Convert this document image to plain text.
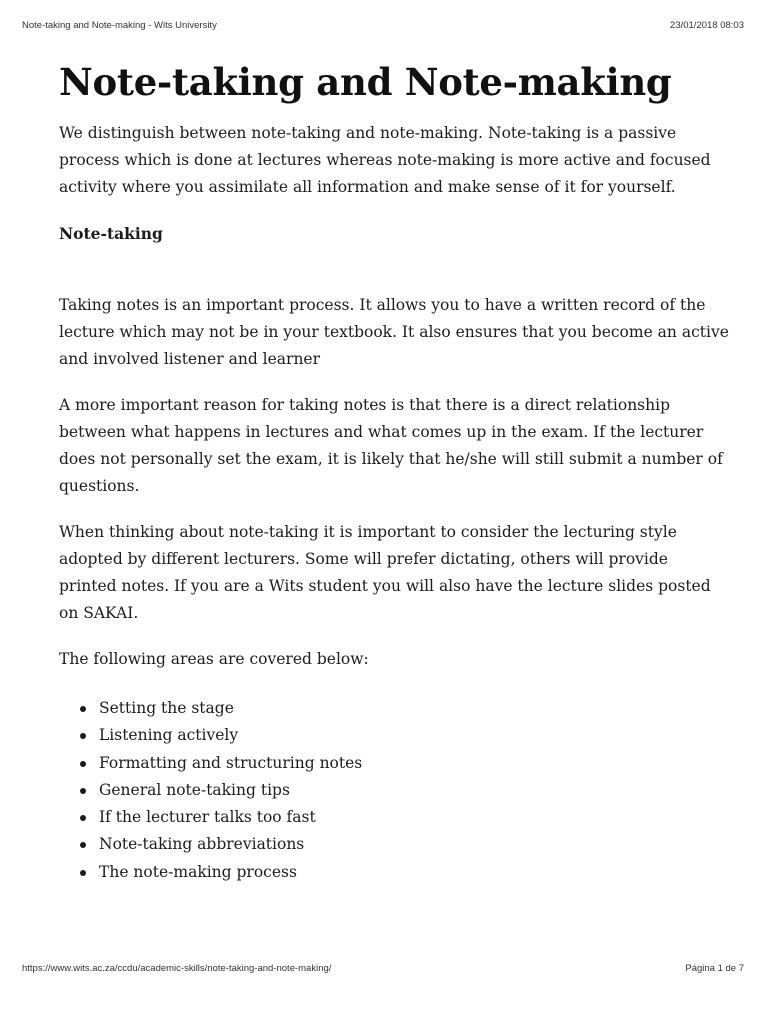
Note-taking and Note-making - Wits University	23/01/2018 08:03
Note-taking and Note-making

We distinguish between note-taking and note-making. Note-taking is a passive process which is done at lectures whereas note-making is more active and focused activity where you assimilate all information and make sense of it for yourself.

Note-taking

Taking notes is an important process. It allows you to have a written record of the lecture which may not be in your textbook. It also ensures that you become an active and involved listener and learner

A more important reason for taking notes is that there is a direct relationship between what happens in lectures and what comes up in the exam. If the lecturer does not personally set the exam, it is likely that he/she will still submit a number of questions.

When thinking about note-taking it is important to consider the lecturing style adopted by different lecturers. Some will prefer dictating, others will provide printed notes. If you are a Wits student you will also have the lecture slides posted on SAKAI.

The following areas are covered below:

Setting the stage
Listening actively
Formatting and structuring notes
General note-taking tips
If the lecturer talks too fast
Note-taking abbreviations
The note-making process
https://www.wits.ac.za/ccdu/academic-skills/note-taking-and-note-making/	Página 1 de 7
